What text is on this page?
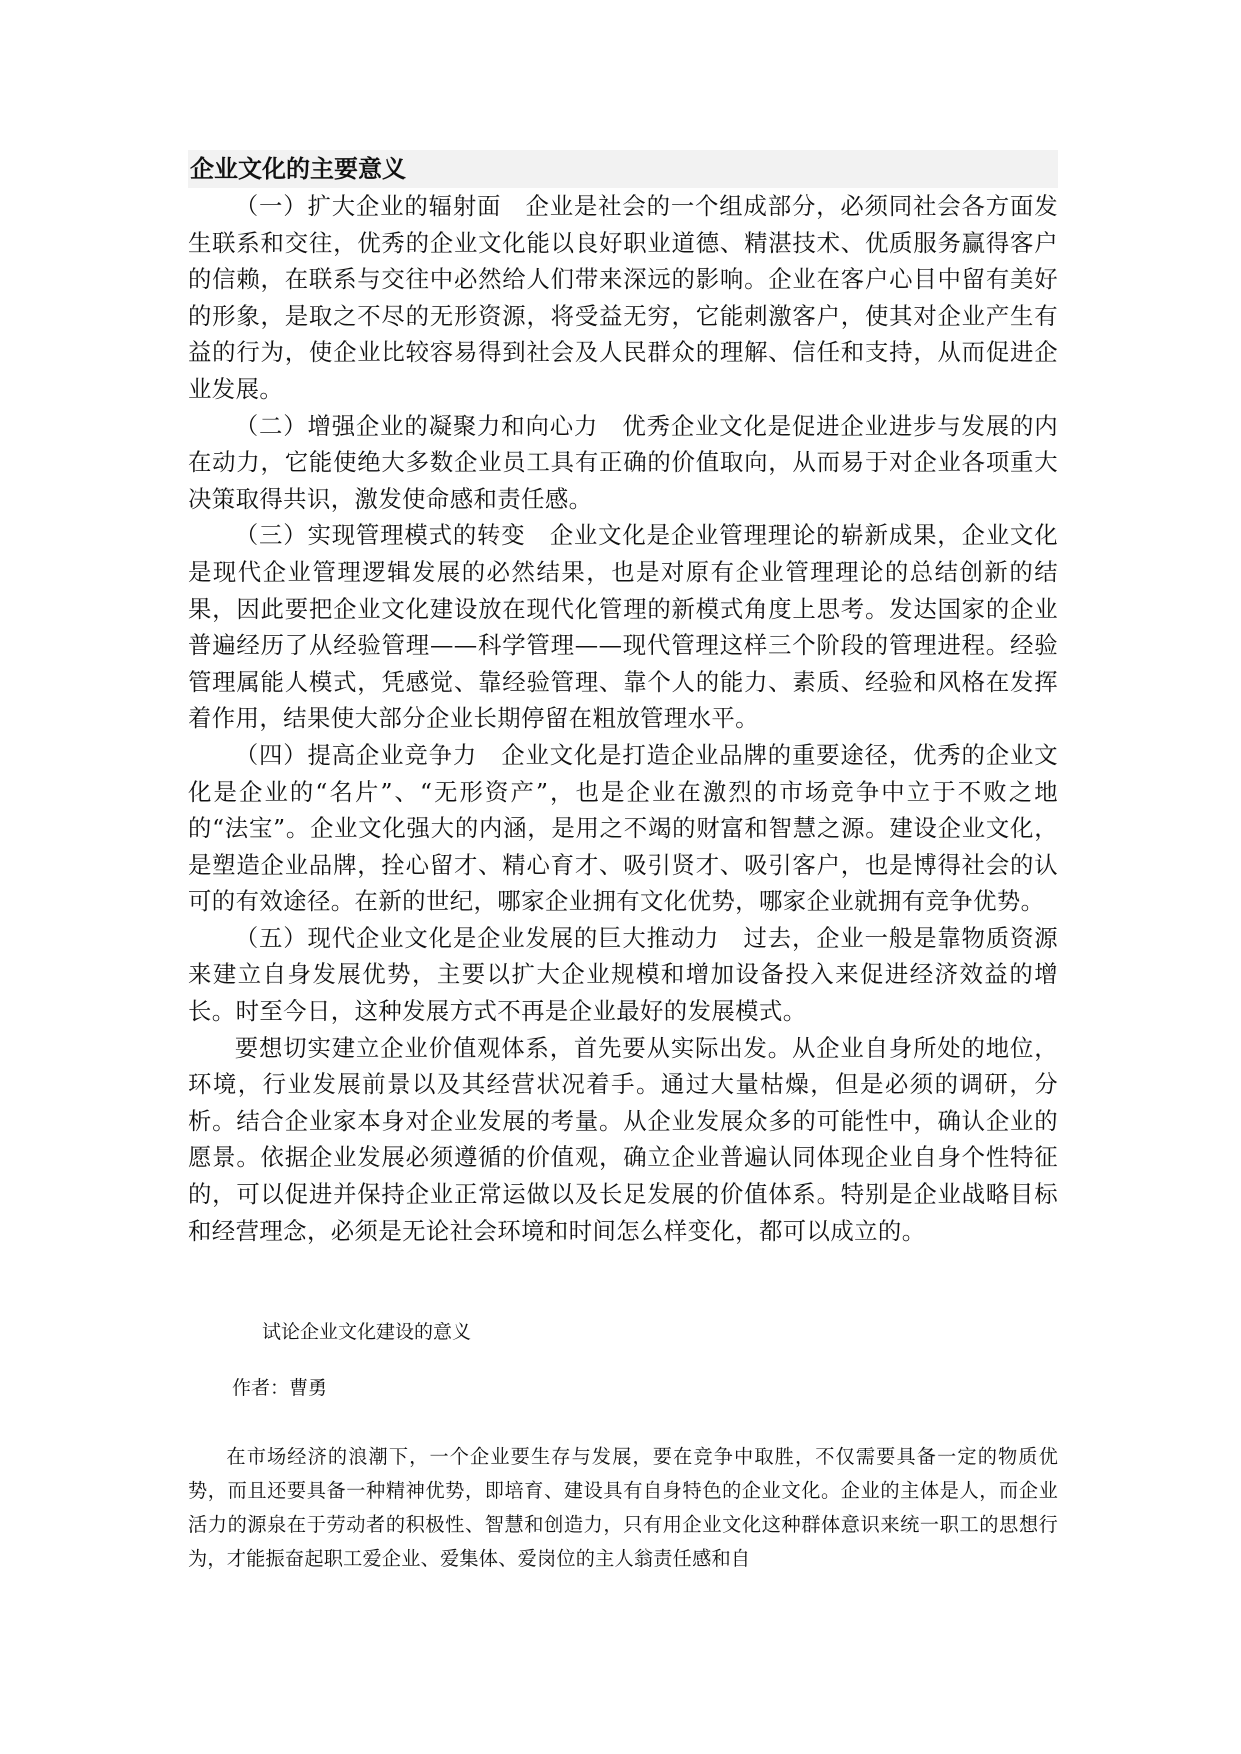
企业文化的主要意义

（一）扩大企业的辐射面　企业是社会的一个组成部分，必须同社会各方面发生联系和交往，优秀的企业文化能以良好职业道德、精湛技术、优质服务赢得客户的信赖，在联系与交往中必然给人们带来深远的影响。企业在客户心目中留有美好的形象，是取之不尽的无形资源，将受益无穷，它能刺激客户，使其对企业产生有益的行为，使企业比较容易得到社会及人民群众的理解、信任和支持，从而促进企业发展。

（二）增强企业的凝聚力和向心力　优秀企业文化是促进企业进步与发展的内在动力，它能使绝大多数企业员工具有正确的价值取向，从而易于对企业各项重大决策取得共识，激发使命感和责任感。

（三）实现管理模式的转变　企业文化是企业管理理论的崭新成果，企业文化是现代企业管理逻辑发展的必然结果，也是对原有企业管理理论的总结创新的结果，因此要把企业文化建设放在现代化管理的新模式角度上思考。发达国家的企业普遍经历了从经验管理——科学管理——现代管理这样三个阶段的管理进程。经验管理属能人模式，凭感觉、靠经验管理、靠个人的能力、素质、经验和风格在发挥着作用，结果使大部分企业长期停留在粗放管理水平。

（四）提高企业竞争力　企业文化是打造企业品牌的重要途径，优秀的企业文化是企业的“名片”、“无形资产”，也是企业在激烈的市场竞争中立于不败之地的“法宝”。企业文化强大的内涵，是用之不竭的财富和智慧之源。建设企业文化，是塑造企业品牌，拴心留才、精心育才、吸引贤才、吸引客户，也是博得社会的认可的有效途径。在新的世纪，哪家企业拥有文化优势，哪家企业就拥有竞争优势。

（五）现代企业文化是企业发展的巨大推动力　过去，企业一般是靠物质资源来建立自身发展优势，主要以扩大企业规模和增加设备投入来促进经济效益的增长。时至今日，这种发展方式不再是企业最好的发展模式。

要想切实建立企业价值观体系，首先要从实际出发。从企业自身所处的地位，环境，行业发展前景以及其经营状况着手。通过大量枯燥，但是必须的调研，分析。结合企业家本身对企业发展的考量。从企业发展众多的可能性中，确认企业的愿景。依据企业发展必须遵循的价值观，确立企业普遍认同体现企业自身个性特征的，可以促进并保持企业正常运做以及长足发展的价值体系。特别是企业战略目标和经营理念，必须是无论社会环境和时间怎么样变化，都可以成立的。

试论企业文化建设的意义
作者：曹勇

在市场经济的浪潮下，一个企业要生存与发展，要在竞争中取胜，不仅需要具备一定的物质优势，而且还要具备一种精神优势，即培育、建设具有自身特色的企业文化。企业的主体是人，而企业活力的源泉在于劳动者的积极性、智慧和创造力，只有用企业文化这种群体意识来统一职工的思想行为，才能振奋起职工爱企业、爱集体、爱岗位的主人翁责任感和自
